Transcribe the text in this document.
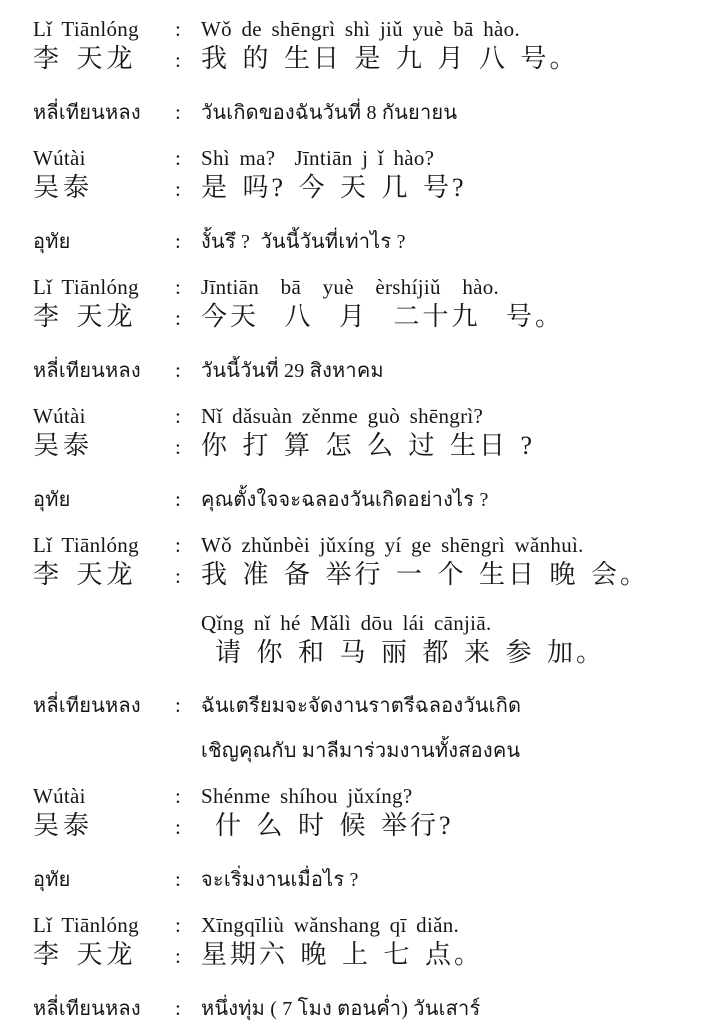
Lǐ Tiānlóng	: Wǒ de shēngrì shì jiǔ yuè bā hào.
李 天龙	: 我 的 生日 是 九 月 八 号。
หลี่เทียนหลง	:	วันเกิดของฉันวันที่ 8 กันยายน
Wútài	: Shì ma?  Jīntiān j ǐ hào?
吴泰	: 是 吗? 今 天 几 号?
อุทัย	:	งั้นรึ ?  วันนี้วันที่เท่าไร ?
Lǐ Tiānlóng	: Jīntiān bā yuè èrshíjiǔ hào.
李 天龙	: 今天 八 月 二十九 号。
หลี่เทียนหลง	:	วันนี้วันที่ 29 สิงหาคม
Wútài	: Nǐ dǎsuàn zěnme guò shēngrì?
吴泰	: 你 打 算 怎 么 过 生日 ?
อุทัย	:	คุณตั้งใจจะฉลองวันเกิดอย่างไร ?
Lǐ Tiānlóng	: Wǒ zhǔnbèi jǔxíng yí ge shēngrì wǎnhuì.
李 天龙	: 我 准 备 举行 一 个 生日 晚 会。
Qǐng nǐ hé Mǎlì dōu lái cānjiā.
请 你 和 马 丽 都 来 参 加。
หลี่เทียนหลง	:	ฉันเตรียมจะจัดงานราตรีฉลองวันเกิด
เชิญคุณกับ มาลีมาร่วมงานทั้งสองคน
Wútài	: Shénme shíhou jǔxíng?
吴泰	:	什 么 时 候 举行?
อุทัย	:	จะเริ่มงานเมื่อไร ?
Lǐ Tiānlóng	: Xīngqīliù wǎnshang qī diǎn.
李 天龙	: 星期六 晚 上 七 点。
หลี่เทียนหลง	:	หนึ่งทุ่ม ( 7 โมง ตอนค่ำ) วันเสาร์
